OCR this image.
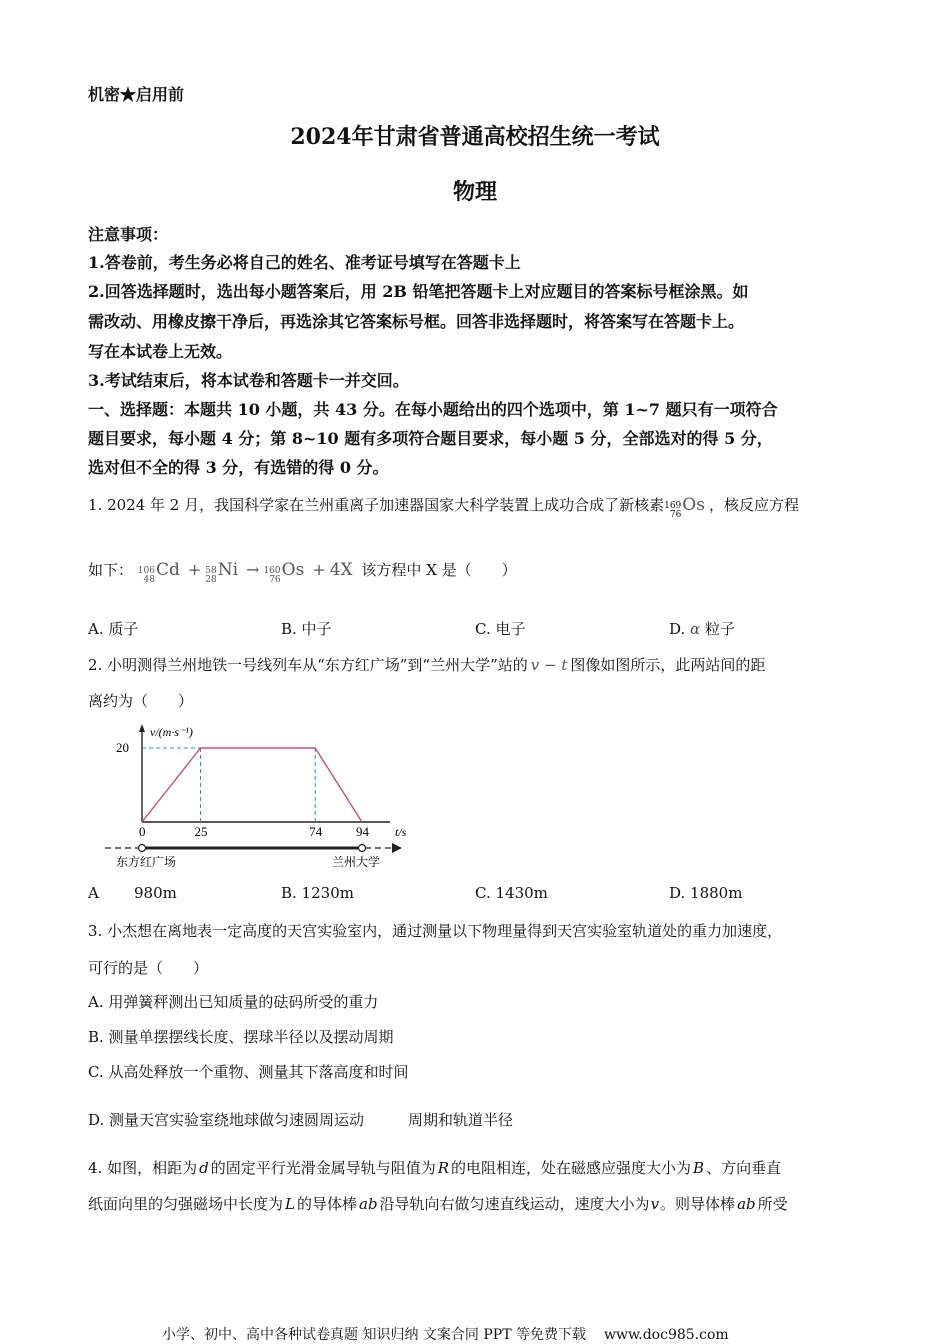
机密★启用前
2024年甘肃省普通高校招生统一考试
物理
注意事项：
1.答卷前，考生务必将自己的姓名、准考证号填写在答题卡上
2.回答选择题时，选出每小题答案后，用 2B 铅笔把答题卡上对应题目的答案标号框涂黑。如
需改动、用橡皮擦干净后，再选涂其它答案标号框。回答非选择题时，将答案写在答题卡上。
写在本试卷上无效。
3.考试结束后，将本试卷和答题卡一并交回。
一、选择题：本题共 10 小题，共 43 分。在每小题给出的四个选项中，第 1~7 题只有一项符合
题目要求，每小题 4 分；第 8~10 题有多项符合题目要求，每小题 5 分，全部选对的得 5 分，
选对但不全的得 3 分，有选错的得 0 分。
1. 2024 年 2 月，我国科学家在兰州重离子加速器国家大科学装置上成功合成了新核素 169
76 Os ，核反应方程
如下： 106
48 Cd + 58
28 Ni → 160
76 Os + 4X 该方程中 X 是（　　）
A. 质子	B. 中子	C. 电子	D. α 粒子
2. 小明测得兰州地铁一号线列车从“东方红广场”到“兰州大学”站的 v − t 图像如图所示，此两站间的距
离约为（　　）
v/(m·s⁻¹)
0	25	74	94
20
t/s
东方红广场	兰州大学
A 980m	B. 1230m	C. 1430m	D. 1880m
3. 小杰想在离地表一定高度的天宫实验室内，通过测量以下物理量得到天宫实验室轨道处的重力加速度，
可行的是（　　）
A. 用弹簧秤测出已知质量的砝码所受的重力
B. 测量单摆摆线长度、摆球半径以及摆动周期
C. 从高处释放一个重物、测量其下落高度和时间
D. 测量天宫实验室绕地球做匀速圆周运动	周期和轨道半径
4. 如图，相距为 d 的固定平行光滑金属导轨与阻值为 R 的电阻相连，处在磁感应强度大小为 B 、方向垂直
纸面向里的匀强磁场中长度为 L 的导体棒 ab 沿导轨向右做匀速直线运动，速度大小为v。则导体棒 ab 所受
小学、初中、高中各种试卷真题 知识归纳 文案合同 PPT 等免费下载 www.doc985.com
